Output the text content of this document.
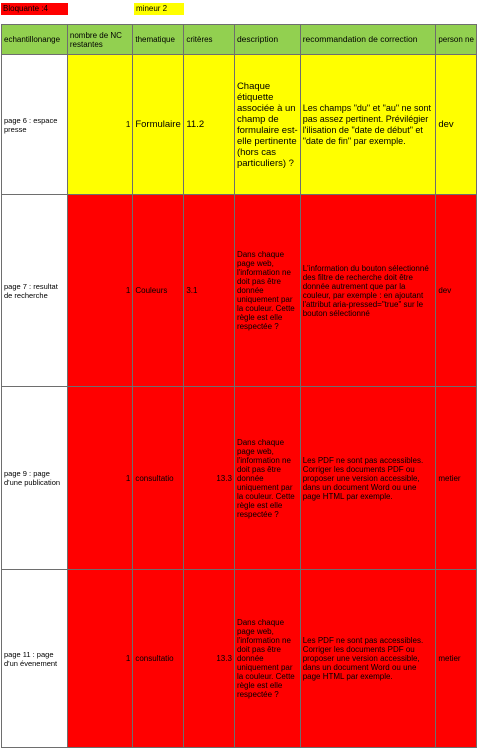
Bloquante :4	mineur 2
echantillonange	nombre de NC restantes	thematique	critères	description	recommandation de correction	person ne
page 6 : espace presse	1	Formulaire	11.2	Chaque étiquette associée à un champ de formulaire est-elle pertinente (hors cas particuliers) ?	Les champs "du" et "au" ne sont pas assez pertinent. Prévilégier l'ilisation de "date de début" et "date de fin" par exemple.	dev
page 7 : resultat de recherche	1	Couleurs	3.1	Dans chaque page web, l'information ne doit pas être donnée uniquement par la couleur. Cette règle est elle respectée ?	L'information du bouton sélectionné des filtre de recherche doit être donnée autrement que par la couleur, par exemple : en ajoutant l'attribut aria-pressed="true" sur le bouton sélectionné	dev
page 9 : page d'une publication	1	consultatio	13.3	Dans chaque page web, l'information ne doit pas être donnée uniquement par la couleur. Cette règle est elle respectée ?	Les PDF ne sont pas accessibles. Corriger les documents PDF ou proposer une version accessible, dans un document Word ou une page HTML par exemple.	metier
page 11 : page d'un évenement	1	consultatio	13.3	Dans chaque page web, l'information ne doit pas être donnée uniquement par la couleur. Cette règle est elle respectée ?	Les PDF ne sont pas accessibles. Corriger les documents PDF ou proposer une version accessible, dans un document Word ou une page HTML par exemple.	metier
